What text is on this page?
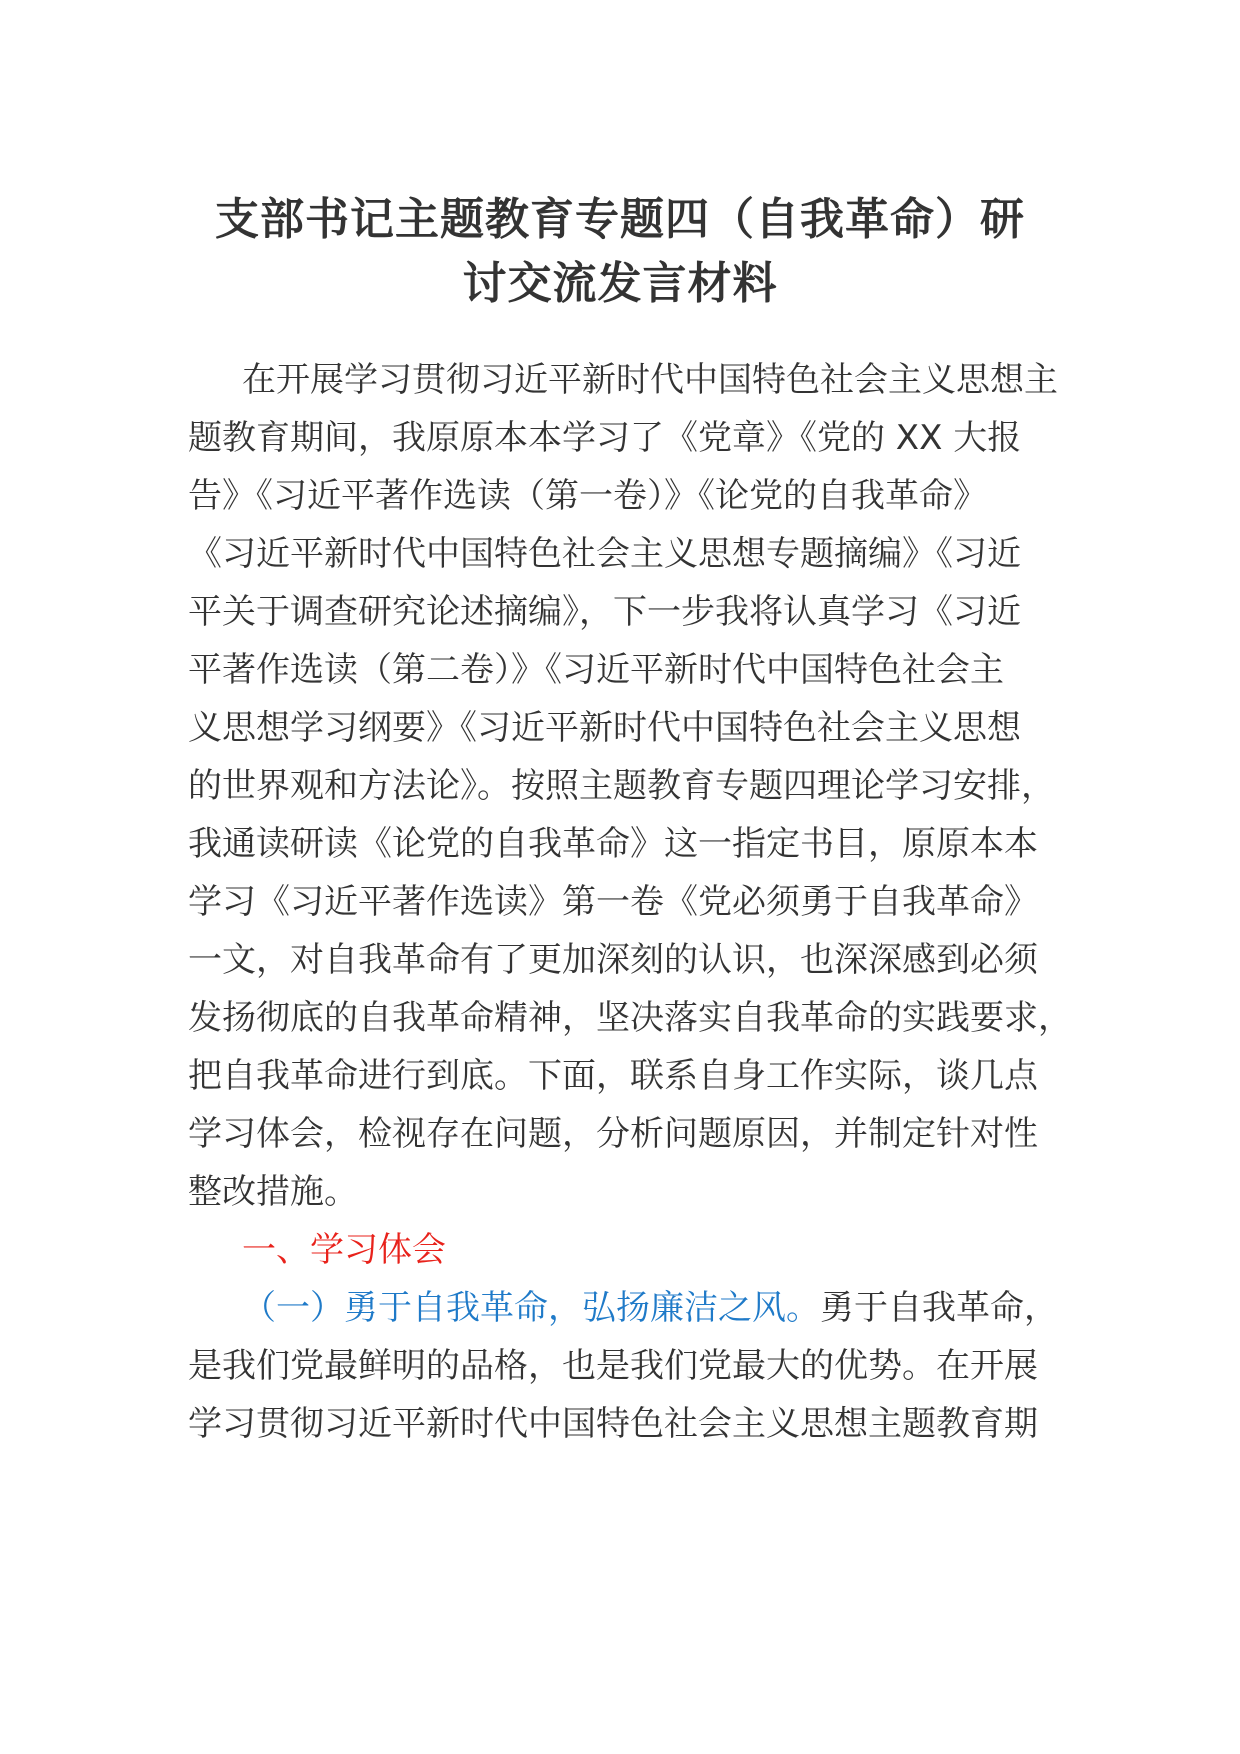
支部书记主题教育专题四（自我革命）研
讨交流发言材料

在开展学习贯彻习近平新时代中国特色社会主义思想主

题教育期间，我原原本本学习了《党章》《党的 XX 大报

告》《习近平著作选读（第一卷）》《论党的自我革命》

《习近平新时代中国特色社会主义思想专题摘编》《习近

平关于调查研究论述摘编》，下一步我将认真学习《习近

平著作选读（第二卷）》《习近平新时代中国特色社会主

义思想学习纲要》《习近平新时代中国特色社会主义思想

的世界观和方法论》。按照主题教育专题四理论学习安排，

我通读研读《论党的自我革命》这一指定书目，原原本本

学习《习近平著作选读》第一卷《党必须勇于自我革命》

一文，对自我革命有了更加深刻的认识，也深深感到必须

发扬彻底的自我革命精神，坚决落实自我革命的实践要求，

把自我革命进行到底。下面，联系自身工作实际，谈几点

学习体会，检视存在问题，分析问题原因，并制定针对性

整改措施。

一、学习体会

（一）勇于自我革命，弘扬廉洁之风。勇于自我革命，

是我们党最鲜明的品格，也是我们党最大的优势。在开展

学习贯彻习近平新时代中国特色社会主义思想主题教育期
